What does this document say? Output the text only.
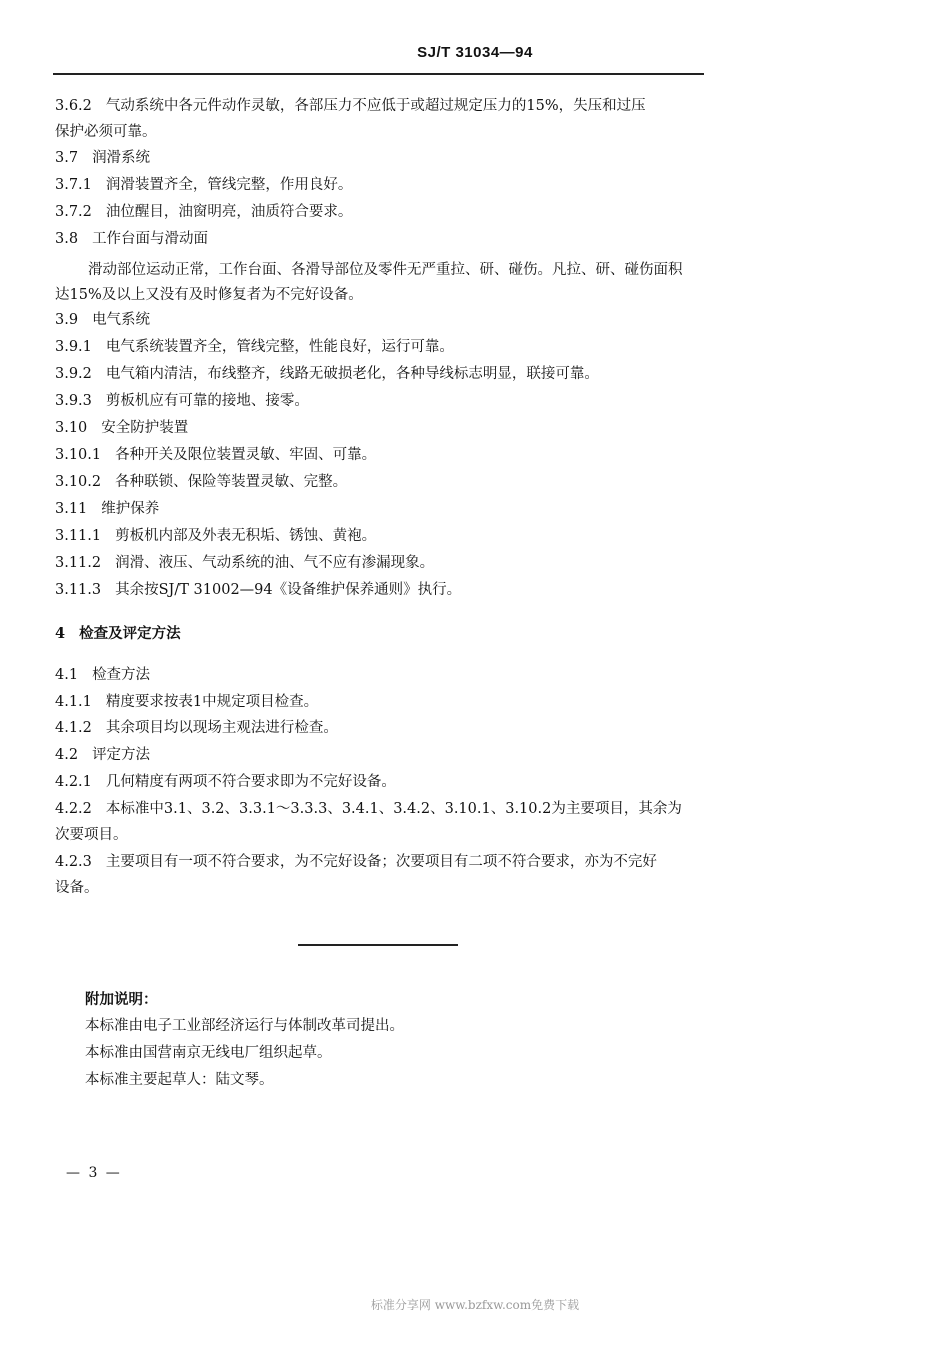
SJ/T 31034—94
3.6.2 气动系统中各元件动作灵敏，各部压力不应低于或超过规定压力的15%，失压和过压
保护必须可靠。
3.7 润滑系统
3.7.1 润滑装置齐全，管线完整，作用良好。
3.7.2 油位醒目，油窗明亮，油质符合要求。
3.8 工作台面与滑动面
滑动部位运动正常，工作台面、各滑导部位及零件无严重拉、研、碰伤。凡拉、研、碰伤面积
达15%及以上又没有及时修复者为不完好设备。
3.9 电气系统
3.9.1 电气系统装置齐全，管线完整，性能良好，运行可靠。
3.9.2 电气箱内清洁，布线整齐，线路无破损老化，各种导线标志明显，联接可靠。
3.9.3 剪板机应有可靠的接地、接零。
3.10 安全防护装置
3.10.1 各种开关及限位装置灵敏、牢固、可靠。
3.10.2 各种联锁、保险等装置灵敏、完整。
3.11 维护保养
3.11.1 剪板机内部及外表无积垢、锈蚀、黄袍。
3.11.2 润滑、液压、气动系统的油、气不应有渗漏现象。
3.11.3 其余按SJ/T 31002—94《设备维护保养通则》执行。
4 检查及评定方法
4.1 检查方法
4.1.1 精度要求按表1中规定项目检查。
4.1.2 其余项目均以现场主观法进行检查。
4.2 评定方法
4.2.1 几何精度有两项不符合要求即为不完好设备。
4.2.2 本标准中3.1、3.2、3.3.1～3.3.3、3.4.1、3.4.2、3.10.1、3.10.2为主要项目，其余为
次要项目。
4.2.3 主要项目有一项不符合要求，为不完好设备；次要项目有二项不符合要求，亦为不完好
设备。
附加说明：
本标准由电子工业部经济运行与体制改革司提出。
本标准由国营南京无线电厂组织起草。
本标准主要起草人：陆文琴。
— 3 —
标准分享网 www.bzfxw.com免费下载
